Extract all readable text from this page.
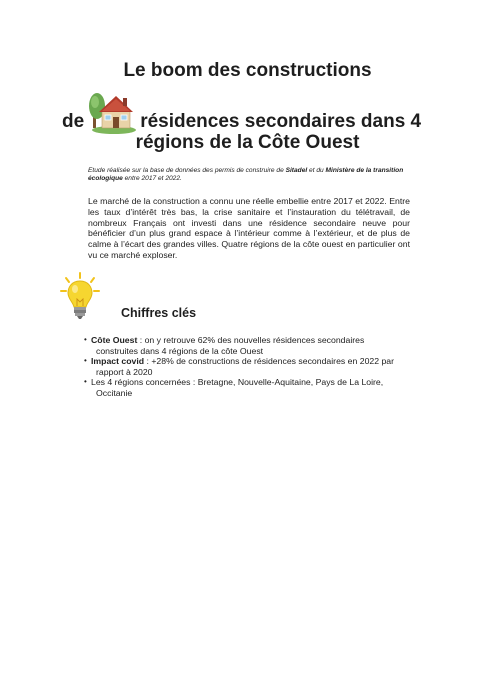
Le boom des constructions
de	résidences secondaires dans 4
régions de la Côte Ouest
Etude réalisée sur la base de données des permis de construire de Sitadel et du Ministère de la transition écologique entre 2017 et 2022.
Le marché de la construction a connu une réelle embellie entre 2017 et 2022. Entre les taux d’intérêt très bas, la crise sanitaire et l’instauration du télétravail, de nombreux Français ont investi dans une résidence secondaire neuve pour bénéficier d’un plus grand espace à l’intérieur comme à l’extérieur, et de plus de calme à l’écart des grandes villes. Quatre régions de la côte ouest en particulier ont vu ce marché exploser.
Chiffres clés
• Côte Ouest : on y retrouve 62% des nouvelles résidences secondaires
construites dans 4 régions de la côte Ouest
• Impact covid : +28% de constructions de résidences secondaires en 2022 par
rapport à 2020
• Les 4 régions concernées : Bretagne, Nouvelle-Aquitaine, Pays de La Loire,
Occitanie
